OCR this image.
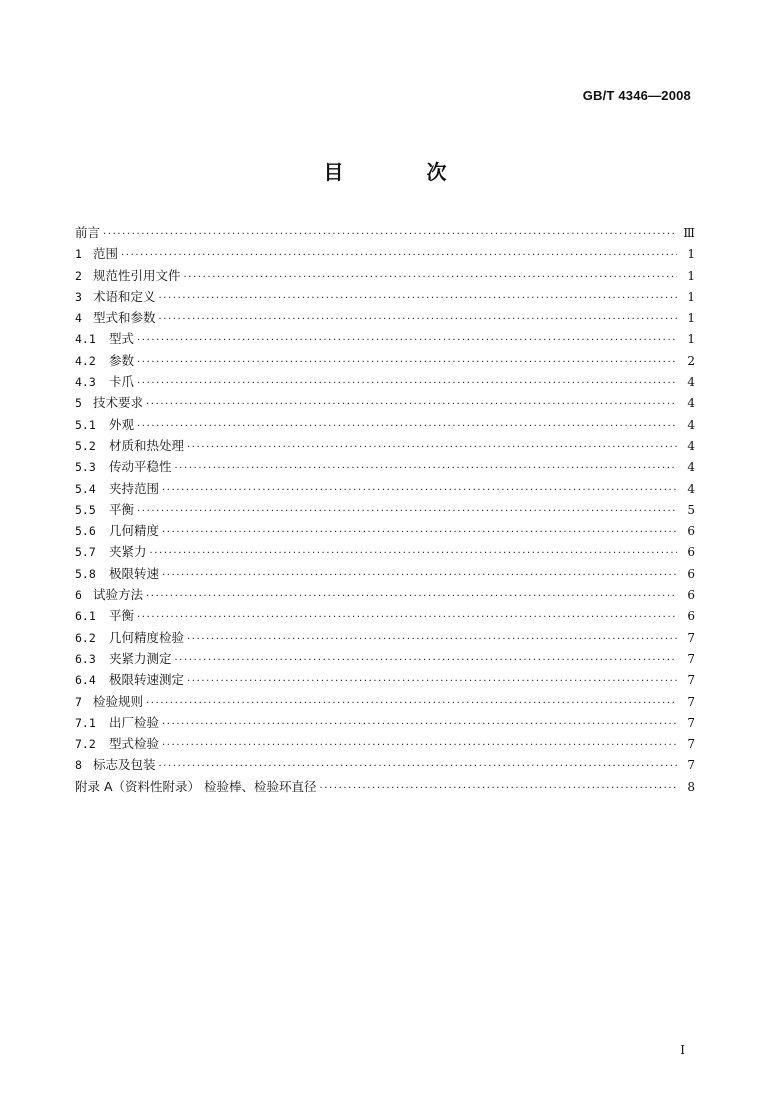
GB/T 4346—2008
目 次
前言 ·····	Ⅲ
1 范围 ·····	1
2 规范性引用文件 ·····	1
3 术语和定义 ·····	1
4 型式和参数 ·····	1
4.1	型式 ·····	1
4.2	参数 ·····	2
4.3	卡爪 ·····	4
5 技术要求 ·····	4
5.1	外观 ·····	4
5.2	材质和热处理 ·····	4
5.3	传动平稳性 ·····	4
5.4	夹持范围 ·····	4
5.5	平衡 ·····	5
5.6	几何精度 ·····	6
5.7	夹紧力 ·····	6
5.8	极限转速 ·····	6
6 试验方法 ·····	6
6.1	平衡 ·····	6
6.2	几何精度检验 ·····	7
6.3	夹紧力测定 ·····	7
6.4	极限转速测定 ·····	7
7 检验规则 ·····	7
7.1	出厂检验 ·····	7
7.2	型式检验 ·····	7
8 标志及包装 ·····	7
附录 A（资料性附录） 检验棒、检验环直径 ·····	8
I
